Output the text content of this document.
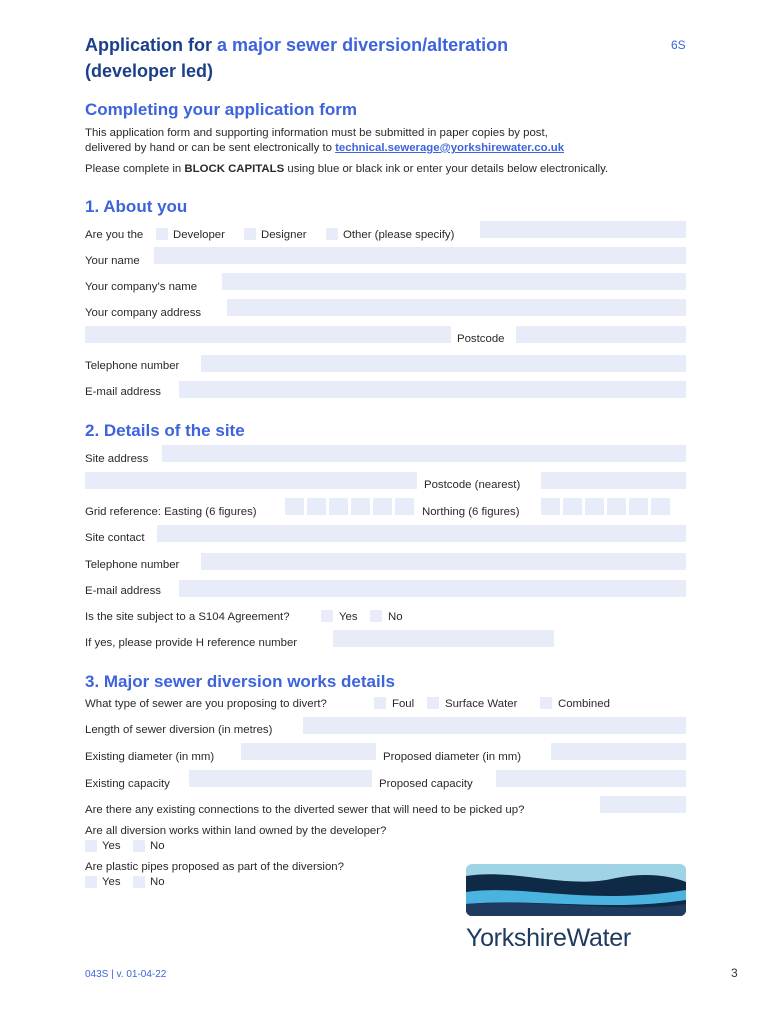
Application for a major sewer diversion/alteration
(developer led)
6S
Completing your application form
This application form and supporting information must be submitted in paper copies by post,
delivered by hand or can be sent electronically to technical.sewerage@yorkshirewater.co.uk
Please complete in BLOCK CAPITALS using blue or black ink or enter your details below electronically.
1. About you
Are you the	Developer	Designer	Other (please specify)
Your name
Your company’s name
Your company address
Postcode
Telephone number
E-mail address
2. Details of the site
Site address
Postcode (nearest)
Grid reference: Easting (6 figures)	Northing (6 figures)
Site contact
Telephone number
E-mail address
Is the site subject to a S104 Agreement?	Yes	No
If yes, please provide H reference number
3. Major sewer diversion works details
What type of sewer are you proposing to divert?	Foul	Surface Water	Combined
Length of sewer diversion (in metres)
Existing diameter (in mm)	Proposed diameter (in mm)
Existing capacity	Proposed capacity
Are there any existing connections to the diverted sewer that will need to be picked up?
Are all diversion works within land owned by the developer?
Yes	No
Are plastic pipes proposed as part of the diversion?
Yes	No
YorkshireWater
043S | v. 01-04-22	3
